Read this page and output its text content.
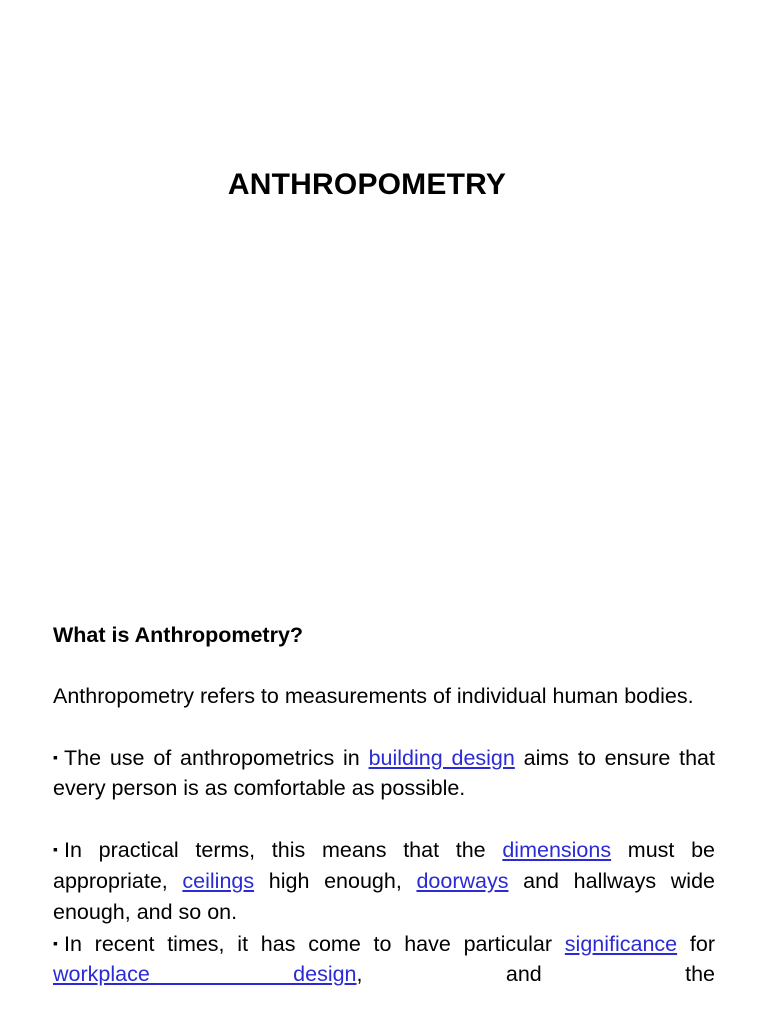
ANTHROPOMETRY

What is Anthropometry?

Anthropometry refers to measurements of individual human bodies.

▪ The use of anthropometrics in building design aims to ensure that every person is as comfortable as possible.

▪ In practical terms, this means that the dimensions must be appropriate, ceilings high enough, doorways and hallways wide enough, and so on.

▪ In recent times, it has come to have particular significance for workplace design, and the
